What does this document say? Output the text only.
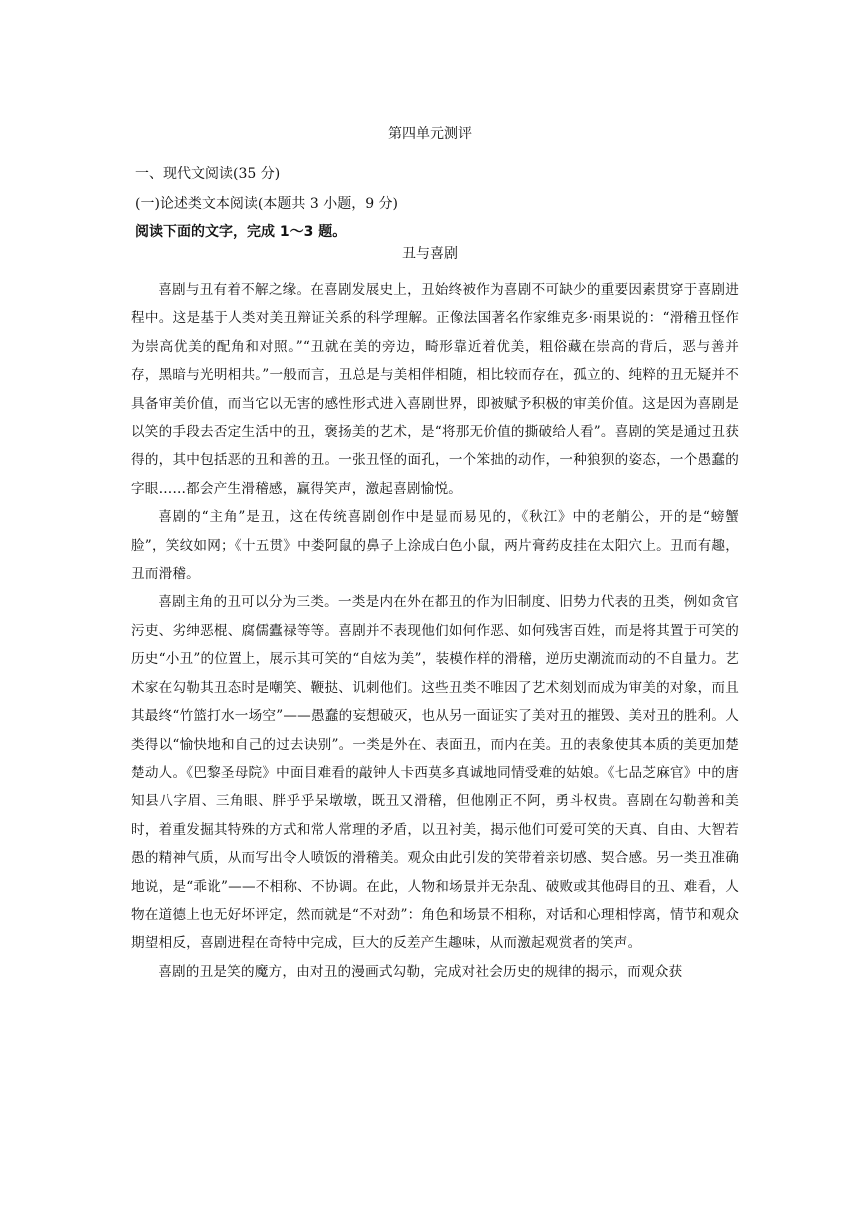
第四单元测评
一、现代文阅读(35 分)
(一)论述类文本阅读(本题共 3 小题，9 分)
阅读下面的文字，完成 1～3 题。
丑与喜剧

喜剧与丑有着不解之缘。在喜剧发展史上，丑始终被作为喜剧不可缺少的重要因素贯穿于喜剧进程中。这是基于人类对美丑辩证关系的科学理解。正像法国著名作家维克多·雨果说的：“滑稽丑怪作为崇高优美的配角和对照。”“丑就在美的旁边，畸形靠近着优美，粗俗藏在崇高的背后，恶与善并存，黑暗与光明相共。”一般而言，丑总是与美相伴相随，相比较而存在，孤立的、纯粹的丑无疑并不具备审美价值，而当它以无害的感性形式进入喜剧世界，即被赋予积极的审美价值。这是因为喜剧是以笑的手段去否定生活中的丑，褒扬美的艺术，是“将那无价值的撕破给人看”。喜剧的笑是通过丑获得的，其中包括恶的丑和善的丑。一张丑怪的面孔，一个笨拙的动作，一种狼狈的姿态，一个愚蠢的字眼……都会产生滑稽感，赢得笑声，激起喜剧愉悦。

喜剧的“主角”是丑，这在传统喜剧创作中是显而易见的，《秋江》中的老艄公，开的是“螃蟹脸”，笑纹如网；《十五贯》中娄阿鼠的鼻子上涂成白色小鼠，两片膏药皮挂在太阳穴上。丑而有趣，丑而滑稽。

喜剧主角的丑可以分为三类。一类是内在外在都丑的作为旧制度、旧势力代表的丑类，例如贪官污吏、劣绅恶棍、腐儒蠹禄等等。喜剧并不表现他们如何作恶、如何残害百姓，而是将其置于可笑的历史“小丑”的位置上，展示其可笑的“自炫为美”，装模作样的滑稽，逆历史潮流而动的不自量力。艺术家在勾勒其丑态时是嘲笑、鞭挞、讥刺他们。这些丑类不唯因了艺术刻划而成为审美的对象，而且其最终“竹篮打水一场空”——愚蠢的妄想破灭，也从另一面证实了美对丑的摧毁、美对丑的胜利。人类得以“愉快地和自己的过去诀别”。一类是外在、表面丑，而内在美。丑的表象使其本质的美更加楚楚动人。《巴黎圣母院》中面目难看的敲钟人卡西莫多真诚地同情受难的姑娘。《七品芝麻官》中的唐知县八字眉、三角眼、胖乎乎呆墩墩，既丑又滑稽，但他刚正不阿，勇斗权贵。喜剧在勾勒善和美时，着重发掘其特殊的方式和常人常理的矛盾，以丑衬美，揭示他们可爱可笑的天真、自由、大智若愚的精神气质，从而写出令人喷饭的滑稽美。观众由此引发的笑带着亲切感、契合感。另一类丑准确地说，是“乖讹”——不相称、不协调。在此，人物和场景并无杂乱、破败或其他碍目的丑、难看，人物在道德上也无好坏评定，然而就是“不对劲”：角色和场景不相称，对话和心理相悖离，情节和观众期望相反，喜剧进程在奇特中完成，巨大的反差产生趣味，从而激起观赏者的笑声。

喜剧的丑是笑的魔方，由对丑的漫画式勾勒，完成对社会历史的规律的揭示，而观众获
